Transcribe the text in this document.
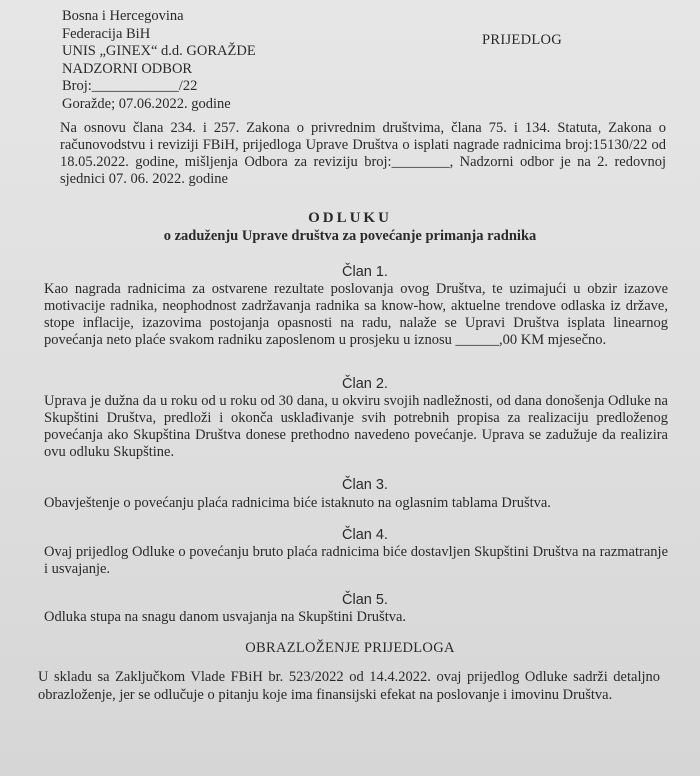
Bosna i Hercegovina
Federacija BiH
UNIS „GINEX“ d.d. GORAŽDE
NADZORNI ODBOR
Broj:____________/22
Goražde; 07.06.2022. godine
PRIJEDLOG
Na osnovu člana 234. i 257. Zakona o privrednim društvima, člana 75. i 134. Statuta, Zakona o računovodstvu i reviziji FBiH, prijedloga Uprave Društva o isplati nagrade radnicima broj:15130/22 od 18.05.2022. godine, mišljenja Odbora za reviziju broj:________, Nadzorni odbor je na 2. redovnoj sjednici 07. 06. 2022. godine
ODLUKU
o zaduženju Uprave društva za povećanje primanja radnika
Član 1.
Kao nagrada radnicima za ostvarene rezultate poslovanja ovog Društva, te uzimajući u obzir izazove motivacije radnika, neophodnost zadržavanja radnika sa know-how, aktuelne trendove odlaska iz države, stope inflacije, izazovima postojanja opasnosti na radu, nalaže se Upravi Društva isplata linearnog povećanja neto plaće svakom radniku zaposlenom u prosjeku u iznosu ______,00 KM mjesečno.
Član 2.
Uprava je dužna da u roku od u roku od 30 dana, u okviru svojih nadležnosti, od dana donošenja Odluke na Skupštini Društva, predloži i okonča usklađivanje svih potrebnih propisa za realizaciju predloženog povećanja ako Skupština Društva donese prethodno navedeno povećanje. Uprava se zadužuje da realizira ovu odluku Skupštine.
Član 3.
Obavještenje o povećanju plaća radnicima biće istaknuto na oglasnim tablama Društva.
Član 4.
Ovaj prijedlog Odluke o povećanju bruto plaća radnicima biće dostavljen Skupštini Društva na razmatranje i usvajanje.
Član 5.
Odluka stupa na snagu danom usvajanja na Skupštini Društva.
OBRAZLOŽENJE PRIJEDLOGA
U skladu sa Zaključkom Vlade FBiH br. 523/2022 od 14.4.2022. ovaj prijedlog Odluke sadrži detaljno obrazloženje, jer se odlučuje o pitanju koje ima finansijski efekat na poslovanje i imovinu Društva.
